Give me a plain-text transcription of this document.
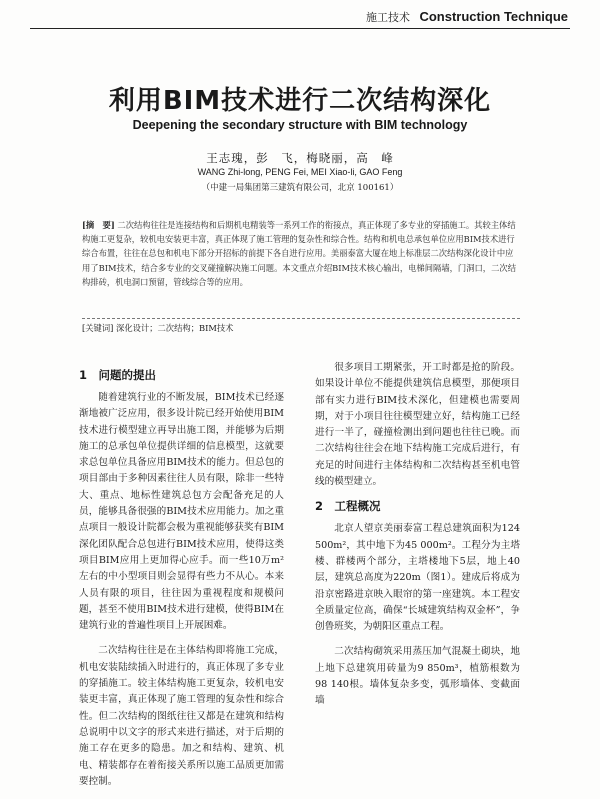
施工技术 Construction Technique
利用BIM技术进行二次结构深化
Deepening the secondary structure with BIM technology
王志瑰，彭　飞，梅晓丽，高　峰
WANG Zhi-long, PENG Fei, MEI Xiao-li, GAO Feng
（中建一局集团第三建筑有限公司，北京 100161）
[摘　要] 二次结构往往是连接结构和后期机电精装等一系列工作的衔接点，真正体现了多专业的穿插施工。其较主体结构施工更复杂，较机电安装更丰富，真正体现了施工管理的复杂性和综合性。结构和机电总承包单位应用BIM技术进行综合布置，往往在总包和机电下部分开招标的前提下各自进行应用。美丽泰富大厦在地上标准层二次结构深化设计中应用了BIM技术，结合多专业的交叉碰撞解决施工问题。本文重点介绍BIM技术核心输出，电梯间隔墙，门洞口，二次结构排砖，机电洞口预留，管线综合等的应用。
[关键词] 深化设计；二次结构；BIM技术
1　问题的提出

随着建筑行业的不断发展，BIM技术已经逐渐地被广泛应用，很多设计院已经开始使用BIM技术进行模型建立再导出施工图，并能够为后期施工的总承包单位提供详细的信息模型，这就要求总包单位具备应用BIM技术的能力。但总包的项目部由于多种因素往往人员有限，除非一些特大、重点、地标性建筑总包方会配备充足的人员，能够具备很强的BIM技术应用能力。加之重点项目一般设计院都会极为重视能够获奖有BIM深化团队配合总包进行BIM技术应用，使得这类项目BIM应用上更加得心应手。而一些10万m²左右的中小型项目则会显得有些力不从心。本来人员有限的项目，往往因为重视程度和规模问题，甚至不使用BIM技术进行建模，使得BIM在建筑行业的普遍性项目上开展困难。

二次结构往往是在主体结构即将施工完成，机电安装陆续插入时进行的，真正体现了多专业的穿插施工。较主体结构施工更复杂，较机电安装更丰富，真正体现了施工管理的复杂性和综合性。但二次结构的图纸往往又都是在建筑和结构总说明中以文字的形式来进行描述，对于后期的施工存在更多的隐患。加之和结构、建筑、机电、精装都存在着衔接关系所以施工品质更加需要控制。

很多项目工期紧张，开工时都是抢的阶段。如果设计单位不能提供建筑信息模型，那便项目部有实力进行BIM技术深化，但建模也需要周期，对于小项目往往模型建立好，结构施工已经进行一半了，碰撞检测出到问题也往往已晚。而二次结构往往会在地下结构施工完成后进行，有充足的时间进行主体结构和二次结构甚至机电管线的模型建立。

2　工程概况

北京人望京美丽泰富工程总建筑面积为124 500m²，其中地下为45 000m²。工程分为主塔楼、群楼两个部分，主塔楼地下5层，地上40层，建筑总高度为220m（图1）。建成后将成为沿京密路进京映入眼帘的第一座建筑。本工程安全质量定位高，确保“长城建筑结构双金杯”，争创鲁班奖，为朝阳区重点工程。

二次结构砌筑采用蒸压加气混凝土砌块，地上地下总建筑用砖量为9 850m³，植筋根数为98 140根。墙体复杂多变，弧形墙体、变截面墙
